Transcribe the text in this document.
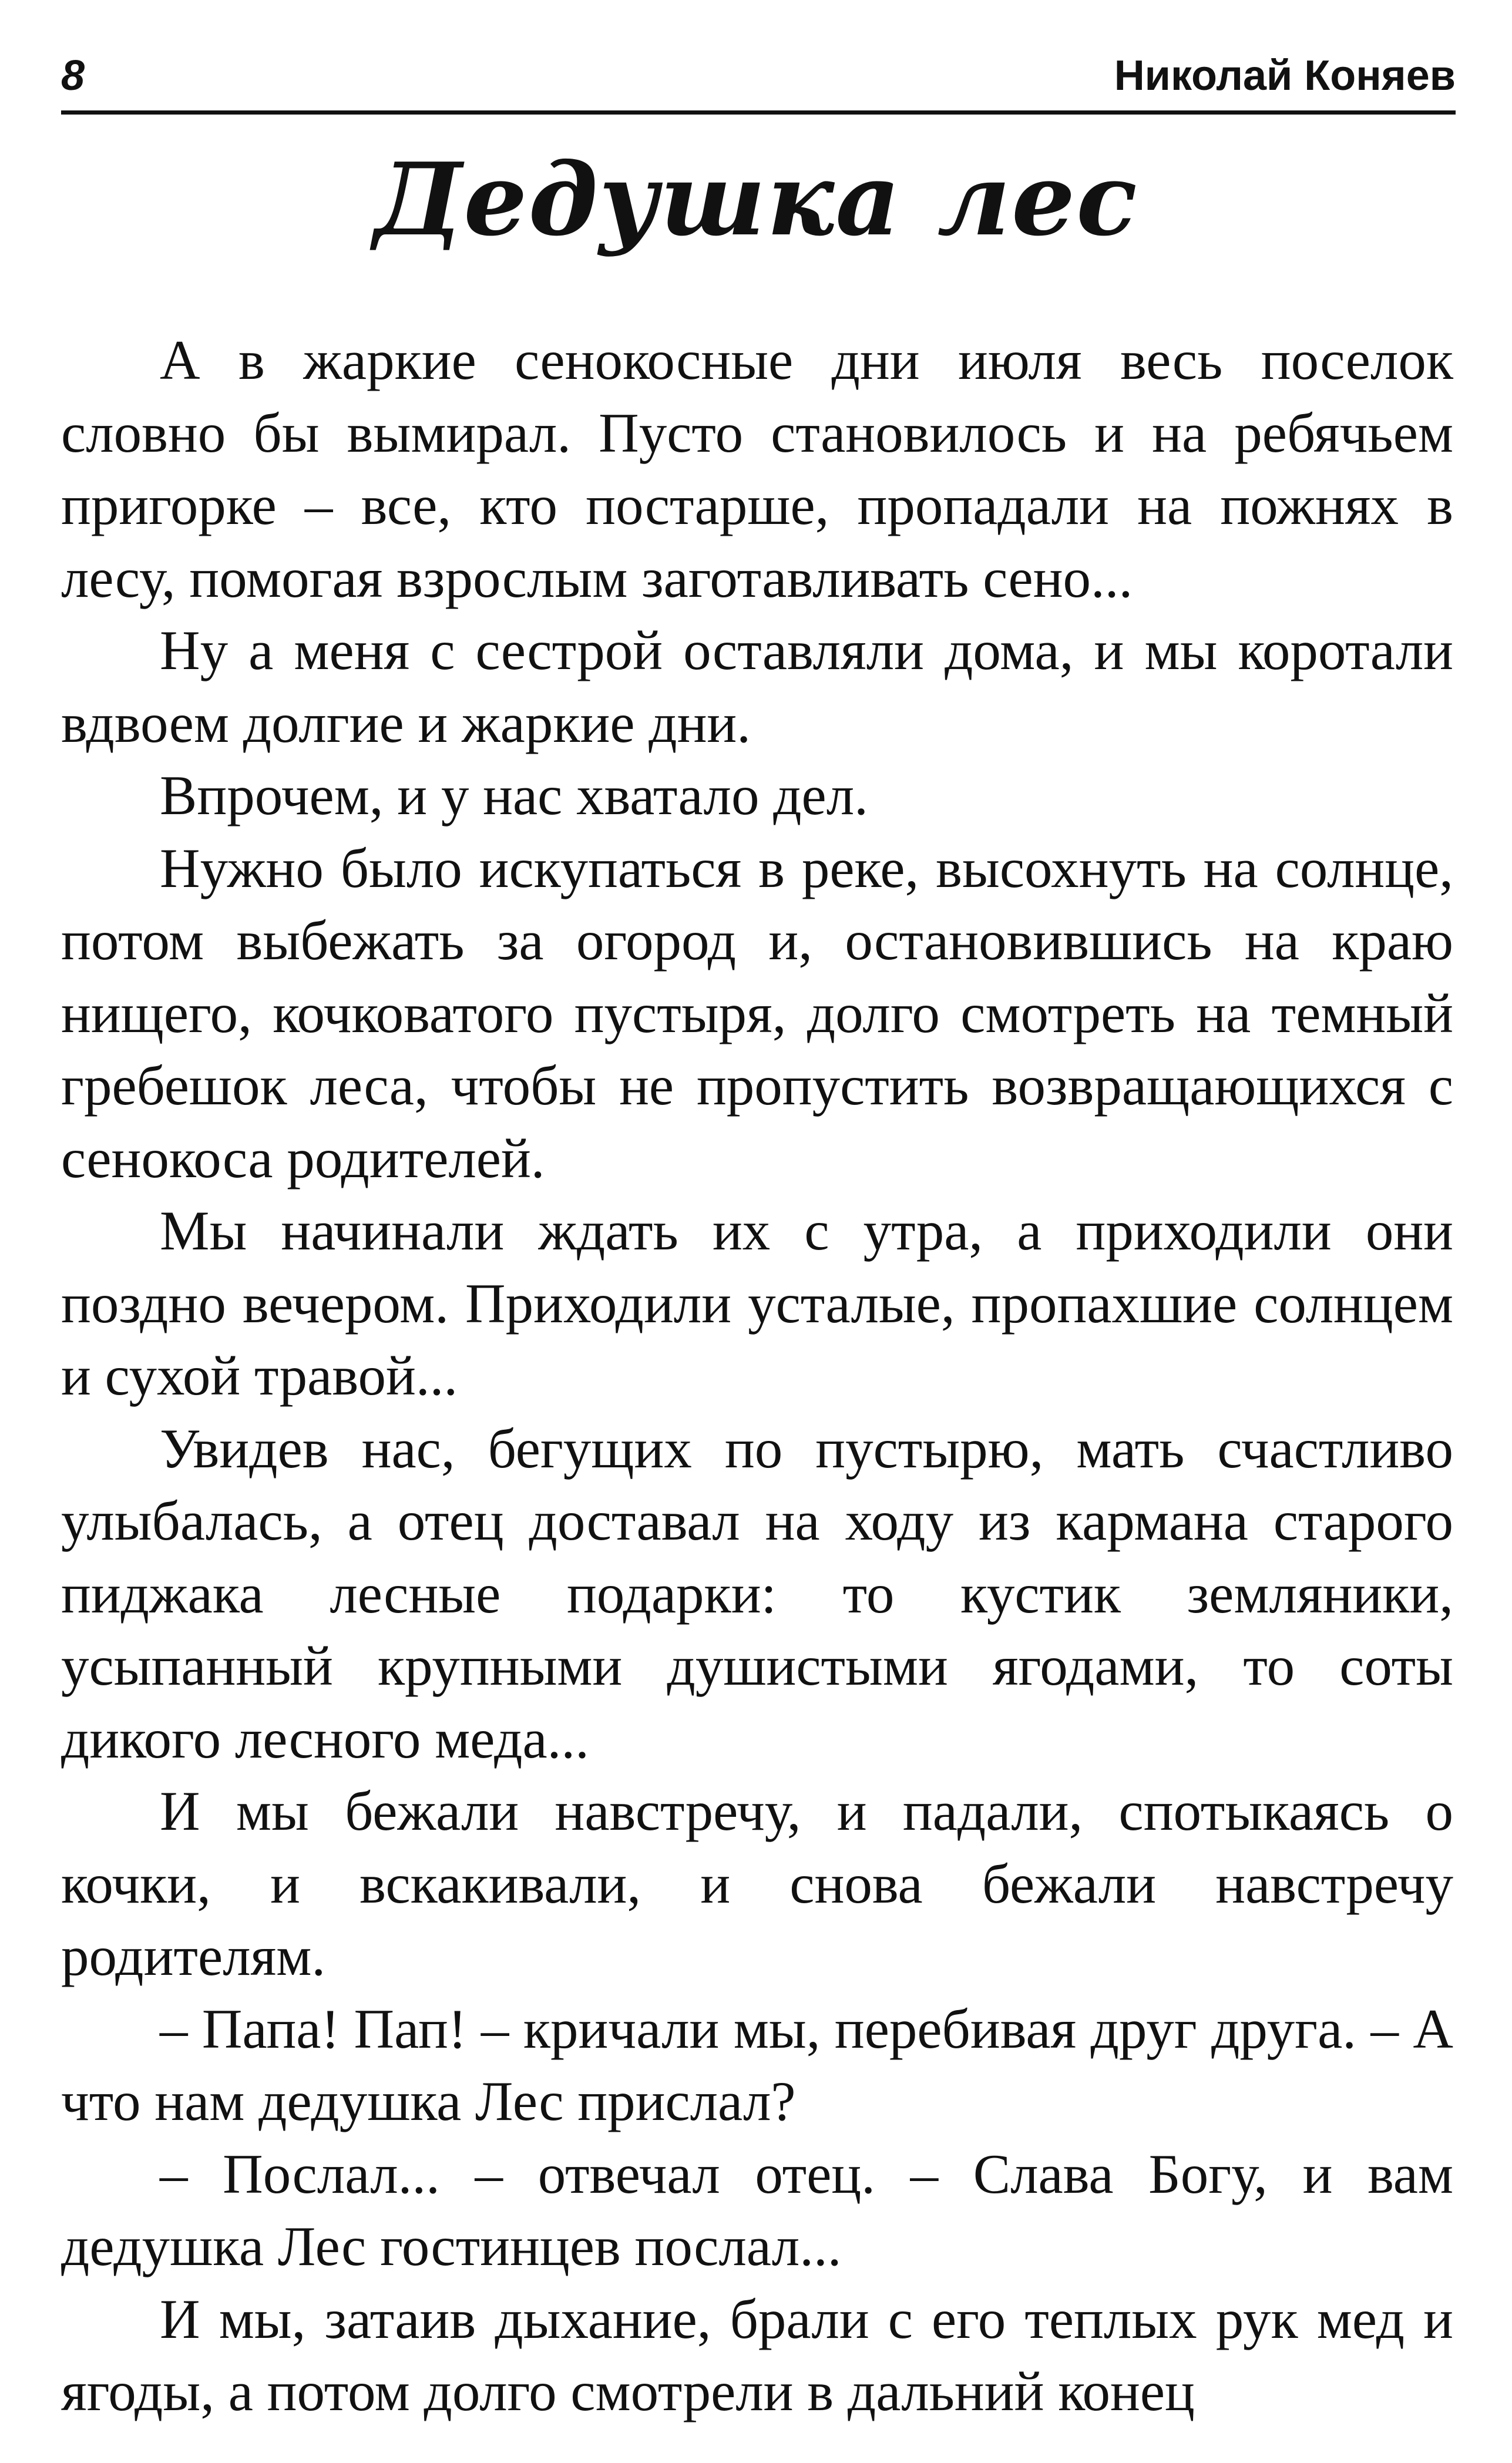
8	Николай Коняев
Дедушка лес

А в жаркие сенокосные дни июля весь поселок словно бы вымирал. Пусто становилось и на ребячьем пригорке – все, кто постарше, пропадали на пожнях в лесу, помогая взрослым заготавливать сено...

Ну а меня с сестрой оставляли дома, и мы коротали вдвоем долгие и жаркие дни.

Впрочем, и у нас хватало дел.

Нужно было искупаться в реке, высохнуть на солнце, потом выбежать за огород и, остановившись на краю нищего, кочковатого пустыря, долго смотреть на темный гребешок леса, чтобы не пропустить возвращающихся с сенокоса родителей.

Мы начинали ждать их с утра, а приходили они поздно вечером. Приходили усталые, пропахшие солнцем и сухой травой...

Увидев нас, бегущих по пустырю, мать счастливо улыбалась, а отец доставал на ходу из кармана старого пиджака лесные подарки: то кустик земляники, усыпанный крупными душистыми ягодами, то соты дикого лесного меда...

И мы бежали навстречу, и падали, спотыкаясь о кочки, и вскакивали, и снова бежали навстречу родителям.

– Папа! Пап! – кричали мы, перебивая друг друга. – А что нам дедушка Лес прислал?

– Послал... – отвечал отец. – Слава Богу, и вам дедушка Лес гостинцев послал...

И мы, затаив дыхание, брали с его теплых рук мед и ягоды, а потом долго смотрели в дальний конец
